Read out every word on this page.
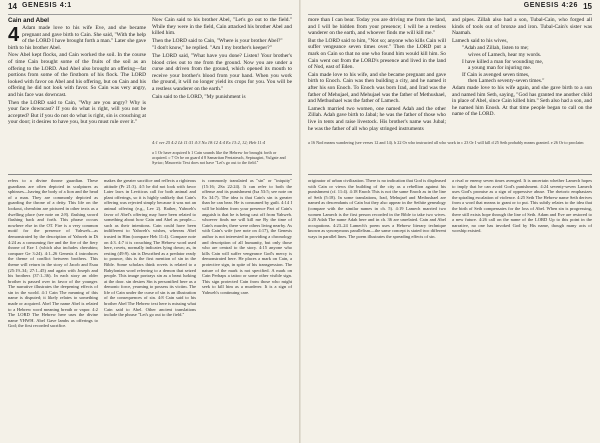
14 GENESIS 4:1
Cain and Abel
4 Adam made love to his wife Eve, and she became pregnant and gave birth to Cain. She said, "With the help of the LORD I have brought forth a man." Later she gave birth to his brother Abel.

Now Abel kept flocks, and Cain worked the soil. In the course of time Cain brought some of the fruits of the soil as an offering to the LORD. And Abel also brought an offering—fat portions from some of the firstborn of his flock. The LORD looked with favor on Abel and his offering, but on Cain and his offering he did not look with favor. So Cain was very angry, and his face was downcast.

Then the LORD said to Cain, "Why are you angry? Why is your face downcast? If you do what is right, will you not be accepted? But if you do not do what is right, sin is crouching at your door; it desires to have you, but you must rule over it."

Now Cain said to his brother Abel, "Let's go out to the field." While they were in the field, Cain attacked his brother Abel and killed him.

Then the LORD said to Cain, "Where is your brother Abel?"

"I don't know," he replied. "Am I my brother's keeper?"

The LORD said, "What have you done? Listen! Your brother's blood cries out to me from the ground. Now you are under a curse and driven from the ground, which opened its mouth to receive your brother's blood from your hand. When you work the ground, it will no longer yield its crops for you. You will be a restless wanderer on the earth."

Cain said to the LORD, "My punishment is

4:1 ver 25 4:2 Lk 11:51 4:3 Nu 18:12 4:4 Ex 13:2, 12; Heb 11:4
a 1 Or have acquired b 1 Cain sounds like the Hebrew for brought forth or acquired. c 7 Or be on guard d 8 Samaritan Pentateuch, Septuagint, Vulgate and Syriac; Masoretic Text does not have "Let's go out to the field."
refers to a divine throne guardian. These guardians are often depicted in sculptures as sphinxes—having the body of a lion and the head of a man. They are commonly depicted as guarding the throne of a deity. This life on the lookout, cherubim are pictured in other texts as a dwelling place (see note on 2:8). flashing sword flashing back and forth. This phrase occurs nowhere else in the OT. Fire is a very common motif for the presence of Yahweh—as demonstrated by the description of Yahweh in Dt 4:24 as a consuming fire and the fire of the fiery throne of Eze 1 (which also includes cherubim; compare Ge 3:24). 4:1–26 Genesis 4 introduces the theme of conflict between brothers. This theme will return in the story of Jacob and Esau (25:19–34; 27:1–45) and again with Joseph and his brothers (37:1–36). In each story an older brother is passed over in favor of the younger. The narrative illustrates the deepening effects of sin in the world. 4:1 Cain The meaning of this name is disputed; it likely relates to something made or acquired. Abel The name Abel is related to a Hebrew word meaning breath or vapor. 4:2 The LORD The Hebrew here uses the divine name YHWH. Abel Gave lambs as offerings to God; the first recorded sacrifice.
makes the greater sacrifice and reflects a righteous attitude (Pr 21:3). 4:5 he did not look with favor Later laws in Leviticus call for both animal and plant offerings, so it is highly unlikely that Cain's offering was rejected simply because it was not an animal offering (e.g., Lev 2). Rather, Yahweh's favor of Abel's offering may have been related to something about how Cain and Abel as people—such as their intentions. Cain could have been indifferent to Yahweh's wishes, whereas Abel trusted in Him (compare Heb 11:4). Compare note on 4:3. 4:7 it is crouching The Hebrew word used here, rovets, normally indicates lying down; as, in resting (49:9). sin is Described as a predator ready to pounce, this is the first mention of sin in the Bible. Some scholars think rovets is related to a Babylonian word referring to a demon that seized people. This image portrays sin as a beast lurking at the door. sin desires Sin is personified here as a demonic force, yearning to possess its victim. The life of Cain under the curse of sin is an illustration of the consequences of sin. 4:8 Cain said to his brother Abel The Hebrew text here is missing what Cain said to Abel. Other ancient translations include the phrase "Let's go out to the field."
is commonly translated as "sin" or "iniquity" (15:16; 2Sa 22:24). It can refer to both the offense and its punishment (Isa 53:5; see note on Ex 34:7). The idea is that Cain's sin is greater than he can bear. He is consumed by guilt. 4:14 I will be hidden from your presence Part of Cain's anguish is that he is being cast off from Yahweh. whoever finds me will kill me By the time of Cain's murder, there were others living nearby. As with Cain's wife (see note on 4:17), the Genesis author is not interested in providing a chronology and description of all humanity, but only those who are central to the story. 4:15 anyone who kills Cain will suffer vengeance God's mercy is demonstrated here. He places a mark on Cain, a protective sign, in spite of his transgression. The nature of the mark is not specified. A mark on Cain Perhaps a tattoo or some other visible sign. This sign protected Cain from those who might seek to kill him as a murderer. It is a sign of Yahweh's continuing care.
GENESIS 4:26 15

more than I can bear. Today you are driving me from the land, and I will be hidden from your presence; I will be a restless wanderer on the earth, and whoever finds me will kill me."

But the LORD said to him, "Not so; anyone who kills Cain will suffer vengeance seven times over." Then the LORD put a mark on Cain so that no one who found him would kill him. So Cain went out from the LORD's presence and lived in the land of Nod, east of Eden.

Cain made love to his wife, and she became pregnant and gave birth to Enoch. Cain was then building a city, and he named it after his son Enoch. To Enoch was born Irad, and Irad was the father of Mehujael, and Mehujael was the father of Methushael, and Methushael was the father of Lamech.

Lamech married two women, one named Adah and the other Zillah. Adah gave birth to Jabal; he was the father of those who live in tents and raise livestock. His brother's name was Jubal; he was the father of all who play stringed instruments

and pipes. Zillah also had a son, Tubal-Cain, who forged all kinds of tools out of bronze and iron. Tubal-Cain's sister was Naamah.

Lamech said to his wives,

"Adah and Zillah, listen to me;
wives of Lamech, hear my words.
I have killed a man for wounding me,
a young man for injuring me.
If Cain is avenged seven times,
then Lamech seventy-seven times."

Adam made love to his wife again, and she gave birth to a son and named him Seth, saying, "God has granted me another child in place of Abel, since Cain killed him." Seth also had a son, and he named him Enosh. At that time people began to call on the name of the LORD.

a 16 Nod means wandering (see verses 12 and 14). b 22 Or who instructed all who work in c 23 Or I will kill d 25 Seth probably means granted. e 26 Or to proclaim
originator of urban civilization. There is no indication that God is displeased with Cain or views the building of the city as a rebellion against his punishment (cf. 11:4). 4:18 Enoch This is not the same Enoch as in the line of Seth (5:18). In some translations, Irad, Mehujael and Methushael are named as descendants of Cain but they also appear in the Sethite genealogy (compare with the similar names in ch. 5). 4:19 Lamech married two women Lamech is the first person recorded in the Bible to take two wives. 4:20 Adah The name Adah here and in ch. 36 are unrelated. Cain and Abel occupations. 4:23–24 Lamech's poem uses a Hebrew literary technique known as synonymous parallelism—the same concept is stated two different ways in parallel lines. The poem illustrates the spreading effects of sin.
a rival or enemy seven times avenged. It is uncertain whether Lamech hopes to imply that he can avoid God's punishment. 4:24 seventy-seven Lamech uses God's promise as a sign of oppressive abuse. The rhetoric emphasizes the spiraling escalation of violence. 4:25 Seth The Hebrew name Seth derives from a word that means to grant or to put. This subtly relates to the idea that the birth of Seth compensates for the loss of Abel. When sin is progressing, there still exists hope through the line of Seth. Adam and Eve are restored to a new future. 4:26 call on the name of the LORD Up to this point in the narrative, no one has invoked God by His name, though many acts of worship existed.
